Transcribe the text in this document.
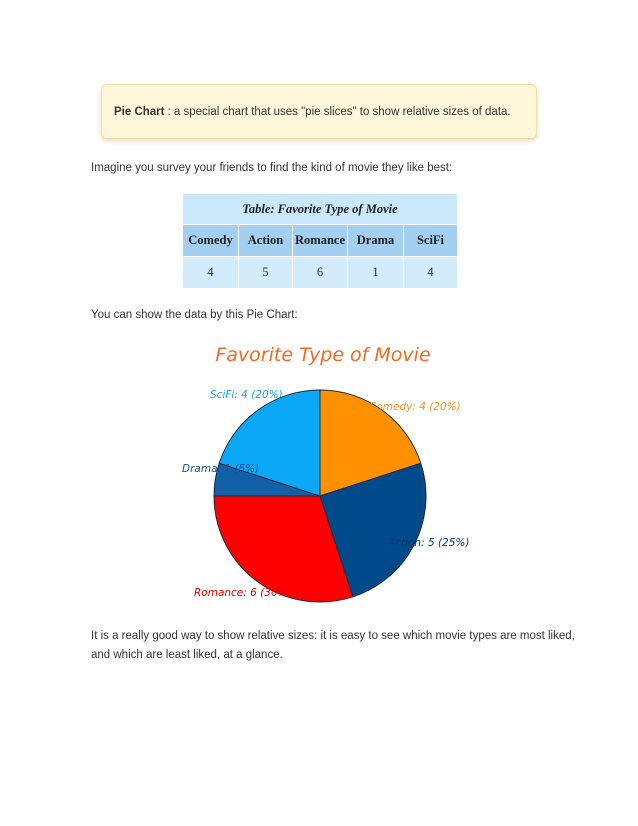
Pie Chart : a special chart that uses "pie slices" to show relative sizes of data.
Imagine you survey your friends to find the kind of movie they like best:
Table: Favorite Type of Movie				
Comedy	Action	Romance	Drama	SciFi
4	5	6	1	4
You can show the data by this Pie Chart:
Favorite Type of Movie
Comedy: 4 (20%)
Action: 5 (25%)
Romance: 6 (30%)
Drama: 1 (5%)
SciFi: 4 (20%)
It is a really good way to show relative sizes: it is easy to see which movie types are most liked,
and which are least liked, at a glance.
